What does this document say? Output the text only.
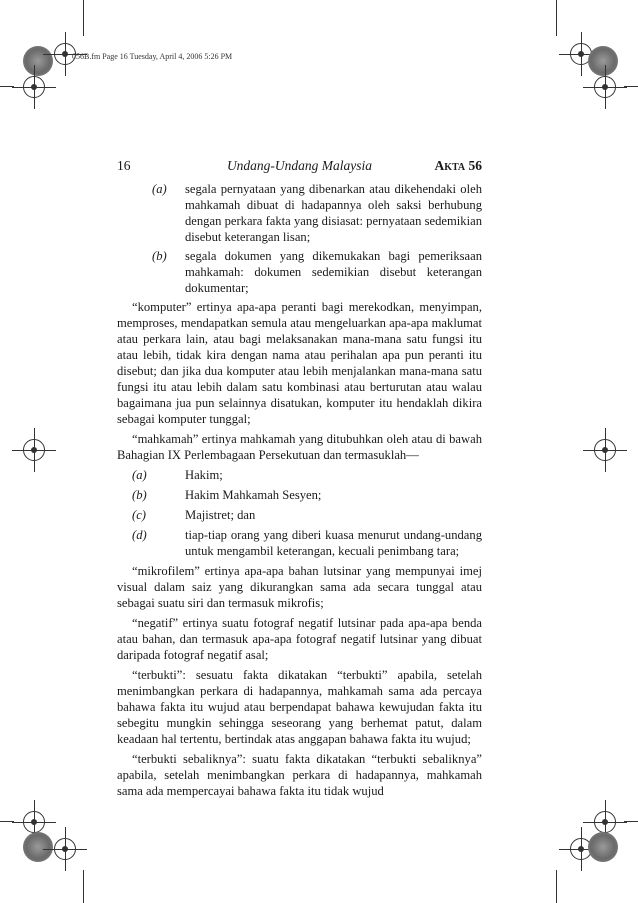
056B.fm Page 16 Tuesday, April 4, 2006 5:26 PM
16	Undang-Undang Malaysia	AKTA 56
(a)	segala pernyataan yang dibenarkan atau dikehendaki oleh mahkamah dibuat di hadapannya oleh saksi berhubung dengan perkara fakta yang disiasat: pernyataan sedemikian disebut keterangan lisan;
(b)	segala dokumen yang dikemukakan bagi pemeriksaan mahkamah: dokumen sedemikian disebut keterangan dokumentar;

“komputer” ertinya apa-apa peranti bagi merekodkan, menyimpan, memproses, mendapatkan semula atau mengeluarkan apa-apa maklumat atau perkara lain, atau bagi melaksanakan mana-mana satu fungsi itu atau lebih, tidak kira dengan nama atau perihalan apa pun peranti itu disebut; dan jika dua komputer atau lebih menjalankan mana-mana satu fungsi itu atau lebih dalam satu kombinasi atau berturutan atau walau bagaimana jua pun selainnya disatukan, komputer itu hendaklah dikira sebagai komputer tunggal;

“mahkamah” ertinya mahkamah yang ditubuhkan oleh atau di bawah Bahagian IX Perlembagaan Persekutuan dan termasuklah—

(a)	Hakim;
(b)	Hakim Mahkamah Sesyen;
(c)	Majistret; dan
(d)	tiap-tiap orang yang diberi kuasa menurut undang-undang untuk mengambil keterangan, kecuali penimbang tara;

“mikrofilem” ertinya apa-apa bahan lutsinar yang mempunyai imej visual dalam saiz yang dikurangkan sama ada secara tunggal atau sebagai suatu siri dan termasuk mikrofis;

“negatif” ertinya suatu fotograf negatif lutsinar pada apa-apa benda atau bahan, dan termasuk apa-apa fotograf negatif lutsinar yang dibuat daripada fotograf negatif asal;

“terbukti”: sesuatu fakta dikatakan “terbukti” apabila, setelah menimbangkan perkara di hadapannya, mahkamah sama ada percaya bahawa fakta itu wujud atau berpendapat bahawa kewujudan fakta itu sebegitu mungkin sehingga seseorang yang berhemat patut, dalam keadaan hal tertentu, bertindak atas anggapan bahawa fakta itu wujud;

“terbukti sebaliknya”: suatu fakta dikatakan “terbukti sebaliknya” apabila, setelah menimbangkan perkara di hadapannya, mahkamah sama ada mempercayai bahawa fakta itu tidak wujud
